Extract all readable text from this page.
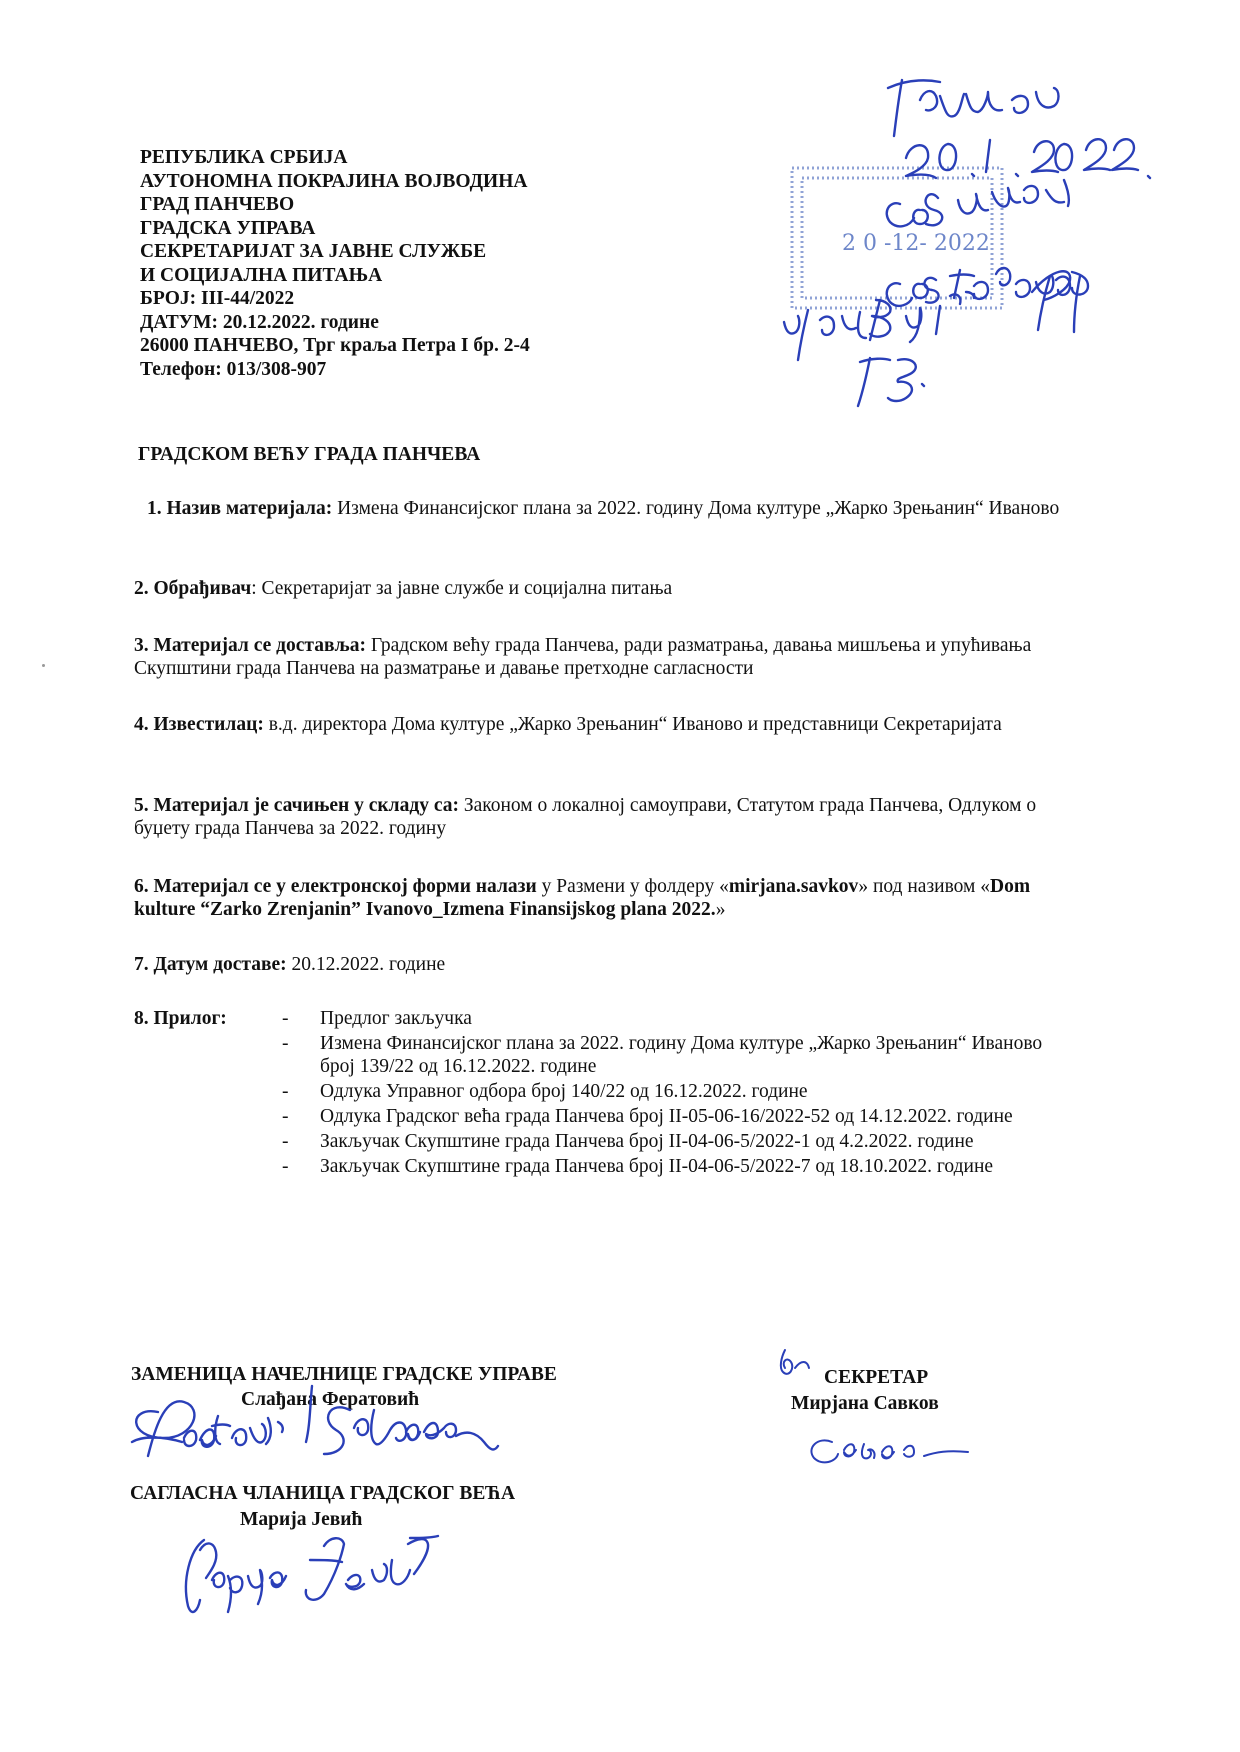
РЕПУБЛИКА СРБИЈА
АУТОНОМНА ПОКРАЈИНА ВОЈВОДИНА
ГРАД ПАНЧЕВО
ГРАДСКА УПРАВА
СЕКРЕТАРИЈАТ ЗА ЈАВНЕ СЛУЖБЕ
И СОЦИЈАЛНА ПИТАЊА
БРОЈ: III-44/2022
ДАТУМ: 20.12.2022. године
26000 ПАНЧЕВО, Трг краља Петра I бр. 2-4
Телефон: 013/308-907
2 0 -12- 2022
ГРАДСКОМ ВЕЋУ ГРАДА ПАНЧЕВА

1. Назив материјала: Измена Финансијског плана за 2022. годину Дома културе „Жарко Зрењанин“ Иваново

2. Обрађивач: Секретаријат за јавне службе и социјална питања

3. Материјал се доставља: Градском већу града Панчева, ради разматрања, давања мишљења и упућивања Скупштини града Панчева на разматрање и давање претходне сагласности

4. Известилац: в.д. директора Дома културе „Жарко Зрењанин“ Иваново и представници Секретаријата

5. Материјал је сачињен у складу са: Законом о локалној самоуправи, Статутом града Панчева, Одлуком о буџету града Панчева за 2022. годину

6. Материјал се у електронској форми налази у Размени у фолдеру «mirjana.savkov» под називом «Dom kulture “Zarko Zrenjanin” Ivanovo_Izmena Finansijskog plana 2022.»

7. Датум доставе: 20.12.2022. године

8. Прилог:
-	Предлог закључка
- Измена Финансијског плана за 2022. годину Дома културе „Жарко Зрењанин“ Иваново број 139/22 од 16.12.2022. године
- Одлука Управног одбора број 140/22 од 16.12.2022. године
- Одлука Градског већа града Панчева број II-05-06-16/2022-52 од 14.12.2022. године
- Закључак Скупштине града Панчева број II-04-06-5/2022-1 од 4.2.2022. године
- Закључак Скупштине града Панчева број II-04-06-5/2022-7 од 18.10.2022. године
ЗАМЕНИЦА НАЧЕЛНИЦЕ ГРАДСКЕ УПРАВЕ
Слађана Ферaтовић
САГЛАСНА ЧЛАНИЦА ГРАДСКОГ ВЕЋА
Марија Јевић
СЕКРЕТАР
Мирјана Савков
